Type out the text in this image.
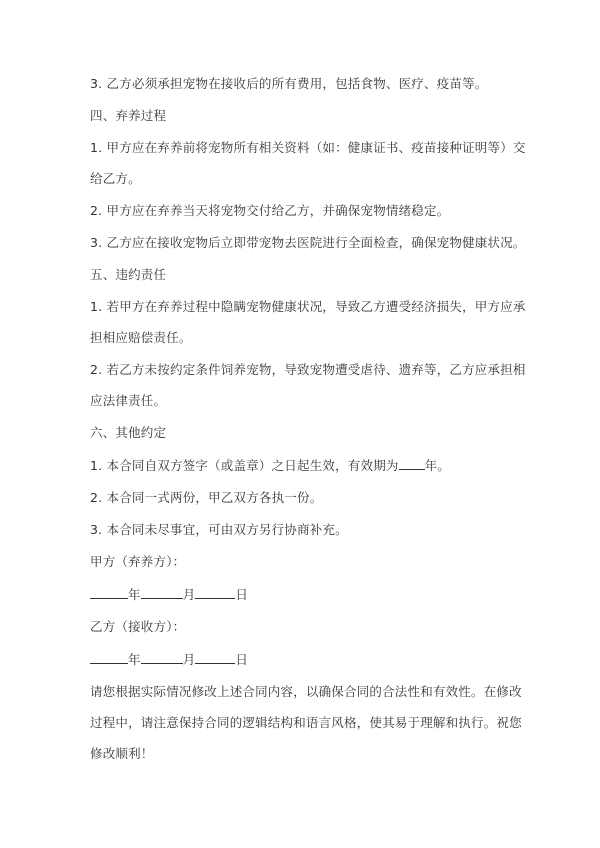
3. 乙方必须承担宠物在接收后的所有费用，包括食物、医疗、疫苗等。

四、弃养过程

1. 甲方应在弃养前将宠物所有相关资料（如：健康证书、疫苗接种证明等）交

给乙方。

2. 甲方应在弃养当天将宠物交付给乙方，并确保宠物情绪稳定。

3. 乙方应在接收宠物后立即带宠物去医院进行全面检查，确保宠物健康状况。

五、违约责任

1. 若甲方在弃养过程中隐瞒宠物健康状况，导致乙方遭受经济损失，甲方应承

担相应赔偿责任。

2. 若乙方未按约定条件饲养宠物，导致宠物遭受虐待、遗弃等，乙方应承担相

应法律责任。

六、其他约定

1. 本合同自双方签字（或盖章）之日起生效，有效期为 年。

2. 本合同一式两份，甲乙双方各执一份。

3. 本合同未尽事宜，可由双方另行协商补充。

甲方（弃养方）：

年	月	日

乙方（接收方）：

年	月	日

请您根据实际情况修改上述合同内容，以确保合同的合法性和有效性。在修改

过程中，请注意保持合同的逻辑结构和语言风格，使其易于理解和执行。祝您

修改顺利！
